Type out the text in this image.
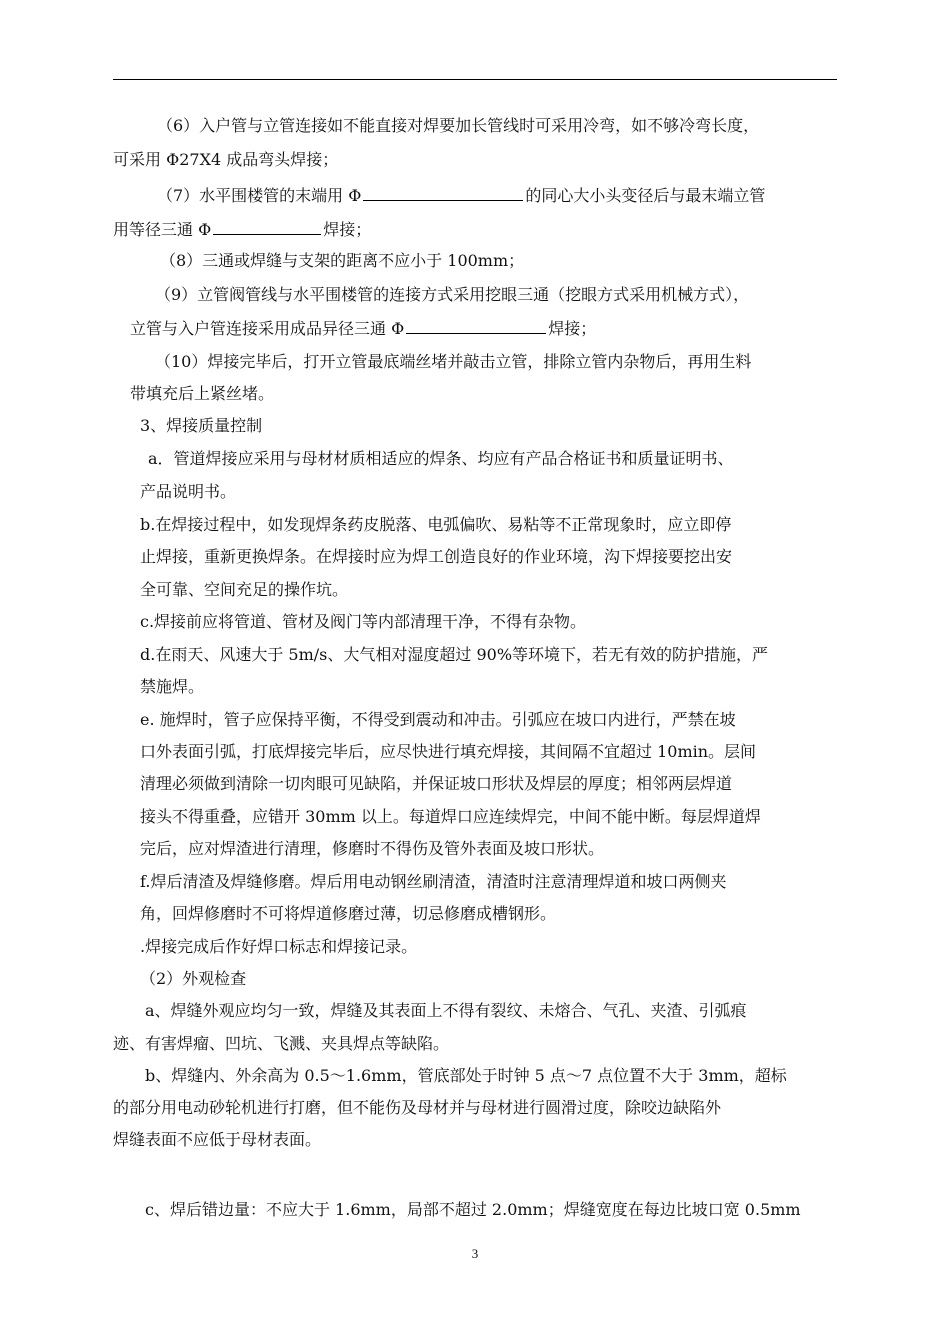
（6）入户管与立管连接如不能直接对焊要加长管线时可采用冷弯，如不够冷弯长度，
可采用 Φ27X4 成品弯头焊接；
（7）水平围楼管的末端用 Φ	的同心大小头变径后与最末端立管
用等径三通 Φ	焊接；
（8）三通或焊缝与支架的距离不应小于 100mm；
（9）立管阀管线与水平围楼管的连接方式采用挖眼三通（挖眼方式采用机械方式），
立管与入户管连接采用成品异径三通 Φ	焊接；
（10）焊接完毕后，打开立管最底端丝堵并敲击立管，排除立管内杂物后，再用生料
带填充后上紧丝堵。
3、焊接质量控制
a．管道焊接应采用与母材材质相适应的焊条、均应有产品合格证书和质量证明书、
产品说明书。
b.在焊接过程中，如发现焊条药皮脱落、电弧偏吹、易粘等不正常现象时，应立即停
止焊接，重新更换焊条。在焊接时应为焊工创造良好的作业环境，沟下焊接要挖出安
全可靠、空间充足的操作坑。
c.焊接前应将管道、管材及阀门等内部清理干净，不得有杂物。
d.在雨天、风速大于 5m/s、大气相对湿度超过 90%等环境下，若无有效的防护措施，严
禁施焊。
e. 施焊时，管子应保持平衡，不得受到震动和冲击。引弧应在坡口内进行，严禁在坡
口外表面引弧，打底焊接完毕后，应尽快进行填充焊接，其间隔不宜超过 10min。层间
清理必须做到清除一切肉眼可见缺陷，并保证坡口形状及焊层的厚度；相邻两层焊道
接头不得重叠，应错开 30mm 以上。每道焊口应连续焊完，中间不能中断。每层焊道焊
完后，应对焊渣进行清理，修磨时不得伤及管外表面及坡口形状。
f.焊后清渣及焊缝修磨。焊后用电动钢丝刷清渣，清渣时注意清理焊道和坡口两侧夹
角，回焊修磨时不可将焊道修磨过薄，切忌修磨成槽钢形。
.焊接完成后作好焊口标志和焊接记录。
（2）外观检查
a、焊缝外观应均匀一致，焊缝及其表面上不得有裂纹、未熔合、气孔、夹渣、引弧痕
迹、有害焊瘤、凹坑、飞溅、夹具焊点等缺陷。
b、焊缝内、外余高为 0.5～1.6mm，管底部处于时钟 5 点～7 点位置不大于 3mm，超标
的部分用电动砂轮机进行打磨，但不能伤及母材并与母材进行圆滑过度，除咬边缺陷外
焊缝表面不应低于母材表面。
c、焊后错边量：不应大于 1.6mm，局部不超过 2.0mm；焊缝宽度在每边比坡口宽 0.5mm
3
